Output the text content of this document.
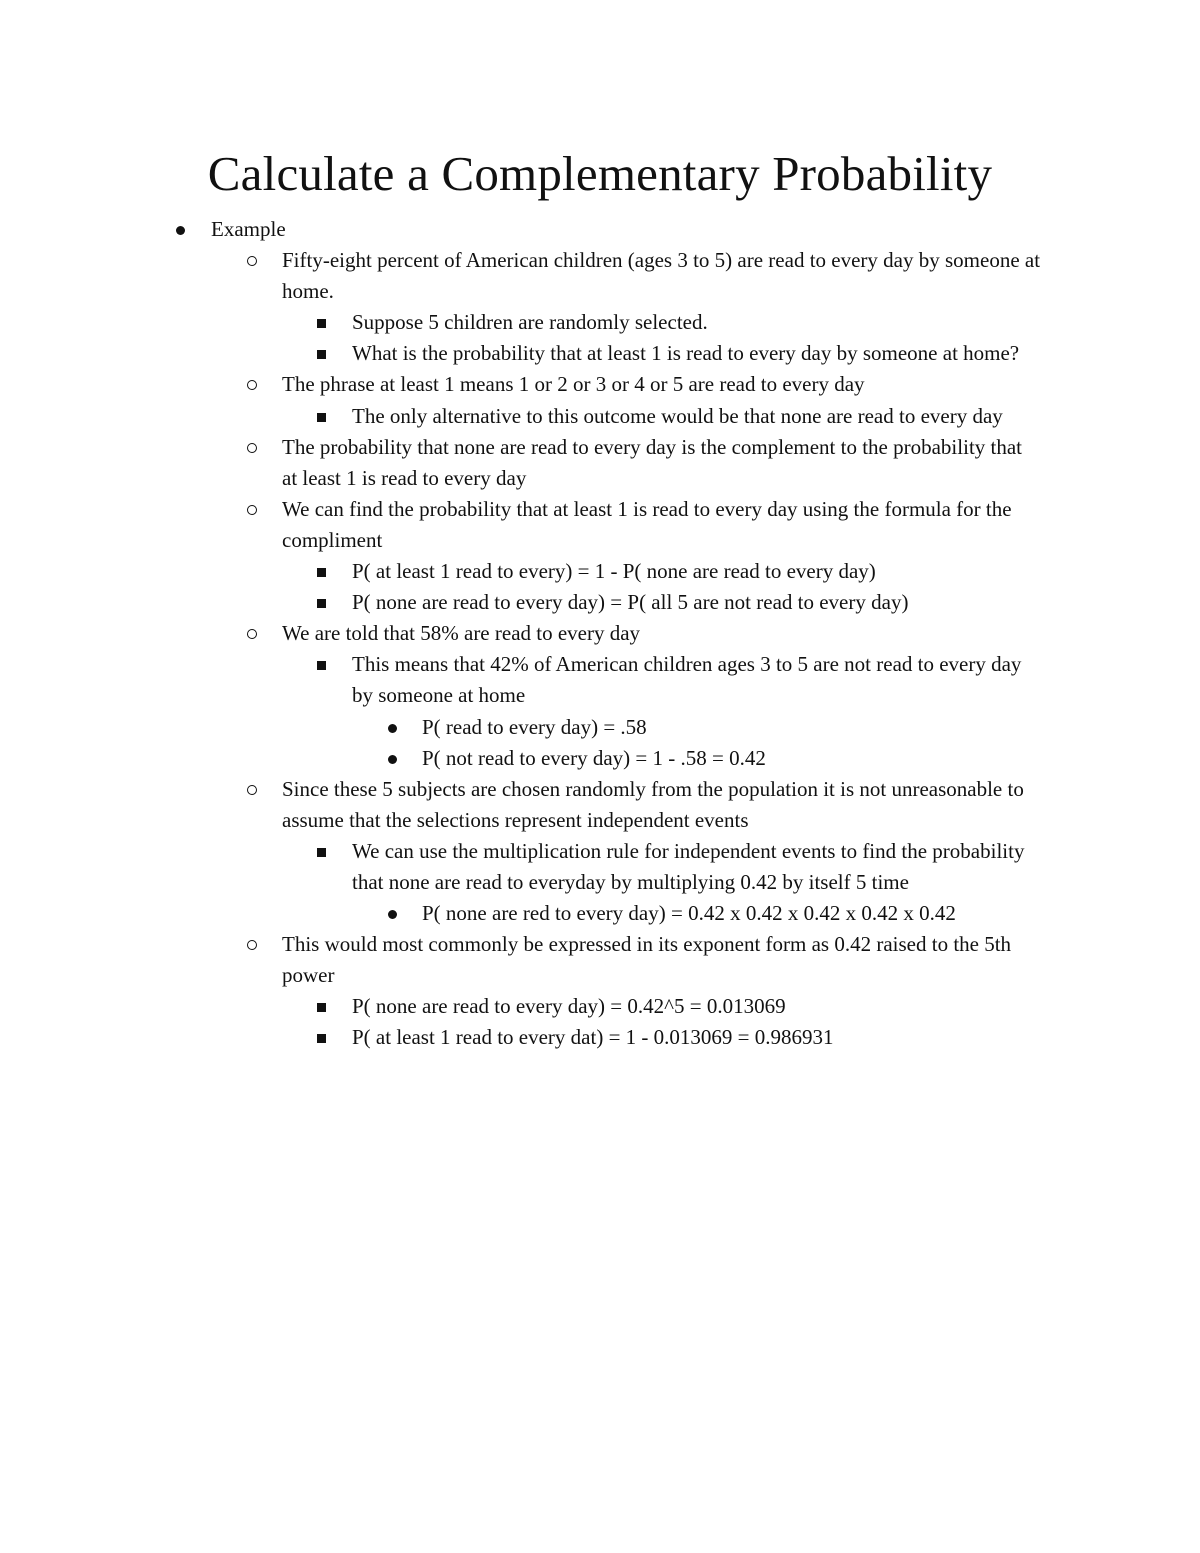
Calculate a Complementary Probability
Example
Fifty-eight percent of American children (ages 3 to 5) are read to every day by someone at home.
Suppose 5 children are randomly selected.
What is the probability that at least 1 is read to every day by someone at home?
The phrase at least 1 means 1 or 2 or 3 or 4 or 5 are read to every day
The only alternative to this outcome would be that none are read to every day
The probability that none are read to every day is the complement to the probability that at least 1 is read to every day
We can find the probability that at least 1 is read to every day using the formula for the compliment
P( at least 1 read to every) = 1 - P( none are read to every day)
P( none are read to every day) = P( all 5 are not read to every day)
We are told that 58% are read to every day
This means that 42% of American children ages 3 to 5 are not read to every day by someone at home
P( read to every day) = .58
P( not read to every day) = 1 - .58 = 0.42
Since these 5 subjects are chosen randomly from the population it is not unreasonable to assume that the selections represent independent events
We can use the multiplication rule for independent events to find the probability that none are read to everyday by multiplying 0.42 by itself 5 time
P( none are red to every day) = 0.42 x 0.42 x 0.42 x 0.42 x 0.42
This would most commonly be expressed in its exponent form as 0.42 raised to the 5th power
P( none are read to every day) = 0.42^5 = 0.013069
P( at least 1 read to every dat) = 1 - 0.013069 = 0.986931
